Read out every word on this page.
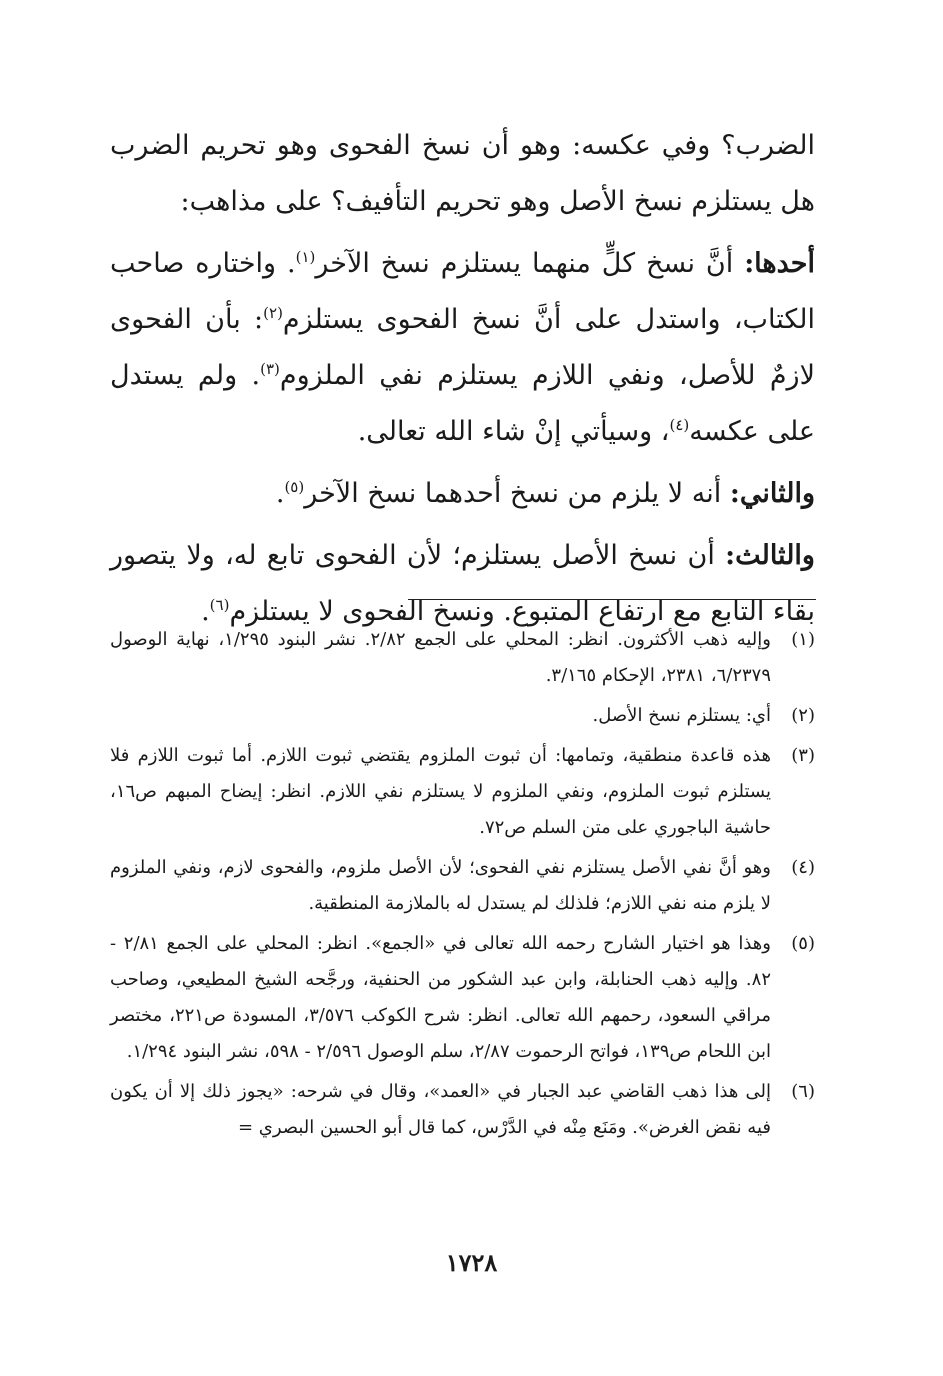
الضرب؟ وفي عكسه: وهو أن نسخ الفحوى وهو تحريم الضرب هل يستلزم نسخ الأصل وهو تحريم التأفيف؟ على مذاهب:

أحدها: أنَّ نسخ كلٍّ منهما يستلزم نسخ الآخر$^{(١)}$. واختاره صاحب الكتاب، واستدل على أنَّ نسخ الفحوى يستلزم$^{(٢)}$: بأن الفحوى لازمٌ للأصل، ونفي اللازم يستلزم نفي الملزوم$^{(٣)}$. ولم يستدل على عكسه$^{(٤)}$، وسيأتي إنْ شاء الله تعالى.

والثاني: أنه لا يلزم من نسخ أحدهما نسخ الآخر$^{(٥)}$.

والثالث: أن نسخ الأصل يستلزم؛ لأن الفحوى تابع له، ولا يتصور بقاء التابع مع ارتفاع المتبوع. ونسخ الفحوى لا يستلزم$^{(٦)}$.

(١)
وإليه ذهب الأكثرون. انظر: المحلي على الجمع ٢/٨٢. نشر البنود ١/٢٩٥، نهاية الوصول ٦/٢٣٧٩، ٢٣٨١، الإحكام ٣/١٦٥.
(٢)
أي: يستلزم نسخ الأصل.
(٣)
هذه قاعدة منطقية، وتمامها: أن ثبوت الملزوم يقتضي ثبوت اللازم. أما ثبوت اللازم فلا يستلزم ثبوت الملزوم، ونفي الملزوم لا يستلزم نفي اللازم. انظر: إيضاح المبهم ص١٦، حاشية الباجوري على متن السلم ص٧٢.
(٤)
وهو أنَّ نفي الأصل يستلزم نفي الفحوى؛ لأن الأصل ملزوم، والفحوى لازم، ونفي الملزوم لا يلزم منه نفي اللازم؛ فلذلك لم يستدل له بالملازمة المنطقية.
(٥)
وهذا هو اختيار الشارح رحمه الله تعالى في «الجمع». انظر: المحلي على الجمع ٢/٨١ - ٨٢. وإليه ذهب الحنابلة، وابن عبد الشكور من الحنفية، ورجَّحه الشيخ المطيعي، وصاحب مراقي السعود، رحمهم الله تعالى. انظر: شرح الكوكب ٣/٥٧٦، المسودة ص٢٢١، مختصر ابن اللحام ص١٣٩، فواتح الرحموت ٢/٨٧، سلم الوصول ٢/٥٩٦ - ٥٩٨، نشر البنود ١/٢٩٤.
(٦)
إلى هذا ذهب القاضي عبد الجبار في «العمد»، وقال في شرحه: «يجوز ذلك إلا أن يكون فيه نقض الغرض». ومَنَع مِنْه في الدَّرْس، كما قال أبو الحسين البصري =
١٧٢٨
